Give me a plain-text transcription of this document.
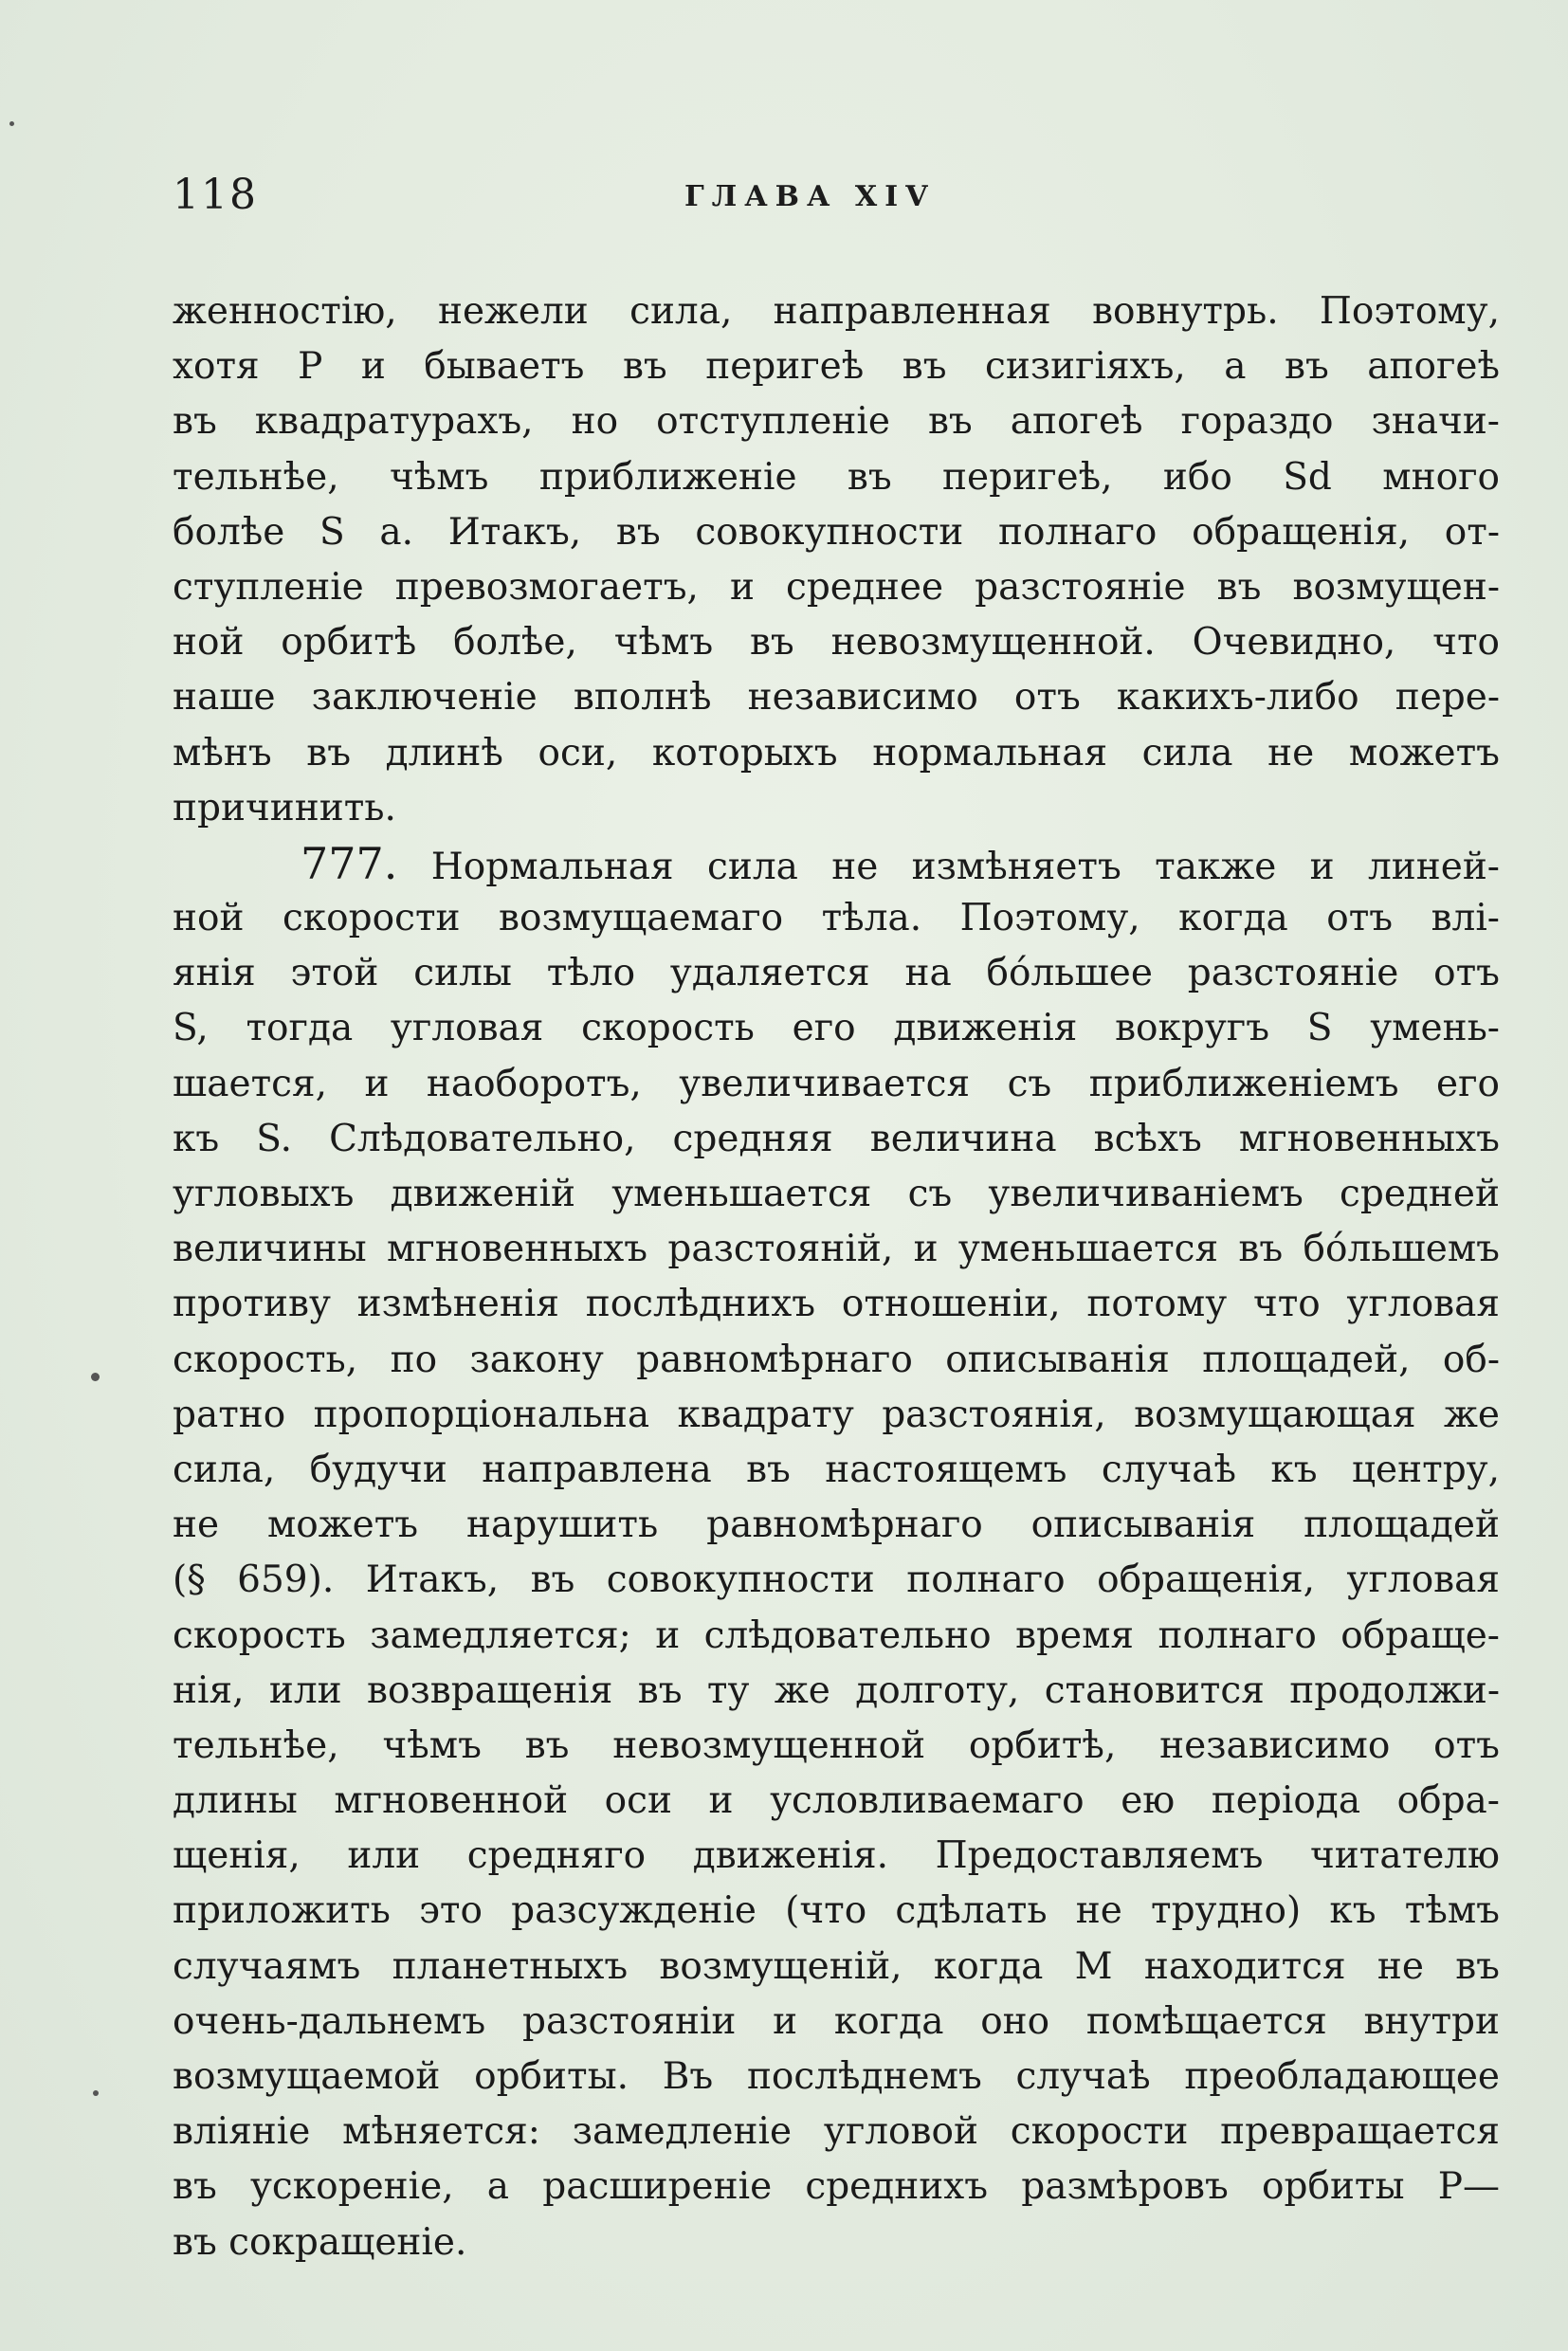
118	ГЛАВА XIV
женностію, нежели сила, направленная вовнутрь. Поэтому,
хотя P и бываетъ въ перигеѣ въ сизигіяхъ, а въ апогеѣ
въ квадратурахъ, но отступленіе въ апогеѣ гораздо значи-
тельнѣе, чѣмъ приближеніе въ перигеѣ, ибо Sd много
болѣе S a. Итакъ, въ совокупности полнаго обращенія, от-
ступленіе превозмогаетъ, и среднее разстояніе въ возмущен-
ной орбитѣ болѣе, чѣмъ въ невозмущенной. Очевидно, что
наше заключеніе вполнѣ независимо отъ какихъ-либо пере-
мѣнъ въ длинѣ оси, которыхъ нормальная сила не можетъ
причинить.
777. Нормальная сила не измѣняетъ также и линей-
ной скорости возмущаемаго тѣла. Поэтому, когда отъ влі-
янія этой силы тѣло удаляется на бóльшее разстояніе отъ
S, тогда угловая скорость его движенія вокругъ S умень-
шается, и наоборотъ, увеличивается съ приближеніемъ его
къ S. Слѣдовательно, средняя величина всѣхъ мгновенныхъ
угловыхъ движеній уменьшается съ увеличиваніемъ средней
величины мгновенныхъ разстояній, и уменьшается въ бóльшемъ
противу измѣненія послѣднихъ отношеніи, потому что угловая
скорость, по закону равномѣрнаго описыванія площадей, об-
ратно пропорціональна квадрату разстоянія, возмущающая же
сила, будучи направлена въ настоящемъ случаѣ къ центру,
не можетъ нарушить равномѣрнаго описыванія площадей
(§ 659). Итакъ, въ совокупности полнаго обращенія, угловая
скорость замедляется; и слѣдовательно время полнаго обраще-
нія, или возвращенія въ ту же долготу, становится продолжи-
тельнѣе, чѣмъ въ невозмущенной орбитѣ, независимо отъ
длины мгновенной оси и условливаемаго ею періода обра-
щенія, или средняго движенія. Предоставляемъ читателю
приложить это разсужденіе (что сдѣлать не трудно) къ тѣмъ
случаямъ планетныхъ возмущеній, когда M находится не въ
очень-дальнемъ разстояніи и когда оно помѣщается внутри
возмущаемой орбиты. Въ послѣднемъ случаѣ преобладающее
вліяніе мѣняется: замедленіе угловой скорости превращается
въ ускореніе, а расширеніе среднихъ размѣровъ орбиты P—
въ сокращеніе.
